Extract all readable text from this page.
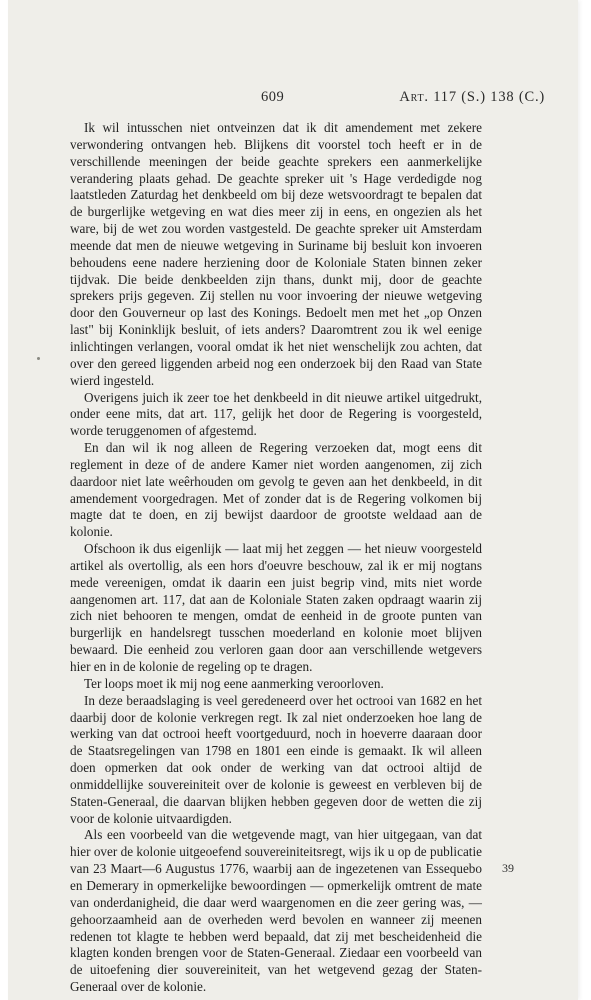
609	Art. 117 (S.) 138 (C.)

Ik wil intusschen niet ontveinzen dat ik dit amendement met zekere verwondering ontvangen heb. Blijkens dit voorstel toch heeft er in de verschillende meeningen der beide geachte sprekers een aanmerkelijke verandering plaats gehad. De geachte spreker uit 's Hage verdedigde nog laatstleden Zaturdag het denkbeeld om bij deze wetsvoordragt te bepalen dat de burgerlijke wetgeving en wat dies meer zij in eens, en ongezien als het ware, bij de wet zou worden vastgesteld. De geachte spreker uit Amsterdam meende dat men de nieuwe wetgeving in Suriname bij besluit kon invoeren behoudens eene nadere herziening door de Koloniale Staten binnen zeker tijdvak. Die beide denkbeelden zijn thans, dunkt mij, door de geachte sprekers prijs gegeven. Zij stellen nu voor invoering der nieuwe wetgeving door den Gouverneur op last des Konings. Bedoelt men met het „op Onzen last" bij Koninklijk besluit, of iets anders? Daaromtrent zou ik wel eenige inlichtingen verlangen, vooral omdat ik het niet wenschelijk zou achten, dat over den gereed liggenden arbeid nog een onderzoek bij den Raad van State wierd ingesteld.

Overigens juich ik zeer toe het denkbeeld in dit nieuwe artikel uitgedrukt, onder eene mits, dat art. 117, gelijk het door de Regering is voorgesteld, worde teruggenomen of afgestemd.

En dan wil ik nog alleen de Regering verzoeken dat, mogt eens dit reglement in deze of de andere Kamer niet worden aangenomen, zij zich daardoor niet late weêrhouden om gevolg te geven aan het denkbeeld, in dit amendement voorgedragen. Met of zonder dat is de Regering volkomen bij magte dat te doen, en zij bewijst daardoor de grootste weldaad aan de kolonie.

Ofschoon ik dus eigenlijk — laat mij het zeggen — het nieuw voorgesteld artikel als overtollig, als een hors d'oeuvre beschouw, zal ik er mij nogtans mede vereenigen, omdat ik daarin een juist begrip vind, mits niet worde aangenomen art. 117, dat aan de Koloniale Staten zaken opdraagt waarin zij zich niet behooren te mengen, omdat de eenheid in de groote punten van burgerlijk en handelsregt tusschen moederland en kolonie moet blijven bewaard. Die eenheid zou verloren gaan door aan verschillende wetgevers hier en in de kolonie de regeling op te dragen.

Ter loops moet ik mij nog eene aanmerking veroorloven.

In deze beraadslaging is veel geredeneerd over het octrooi van 1682 en het daarbij door de kolonie verkregen regt. Ik zal niet onderzoeken hoe lang de werking van dat octrooi heeft voortgeduurd, noch in hoeverre daaraan door de Staatsregelingen van 1798 en 1801 een einde is gemaakt. Ik wil alleen doen opmerken dat ook onder de werking van dat octrooi altijd de onmiddellijke souvereiniteit over de kolonie is geweest en verbleven bij de Staten-Generaal, die daarvan blijken hebben gegeven door de wetten die zij voor de kolonie uitvaardigden.

Als een voorbeeld van die wetgevende magt, van hier uitgegaan, van dat hier over de kolonie uitgeoefend souvereiniteitsregt, wijs ik u op de publicatie van 23 Maart—6 Augustus 1776, waarbij aan de ingezetenen van Essequebo en Demerary in opmerkelijke bewoordingen — opmerkelijk omtrent de mate van onderdanigheid, die daar werd waargenomen en die zeer gering was, — gehoorzaamheid aan de overheden werd bevolen en wanneer zij meenen redenen tot klagte te hebben werd bepaald, dat zij met bescheidenheid die klagten konden brengen voor de Staten-Generaal. Ziedaar een voorbeeld van de uitoefening dier souvereiniteit, van het wetgevend gezag der Staten-Generaal over de kolonie.

39
